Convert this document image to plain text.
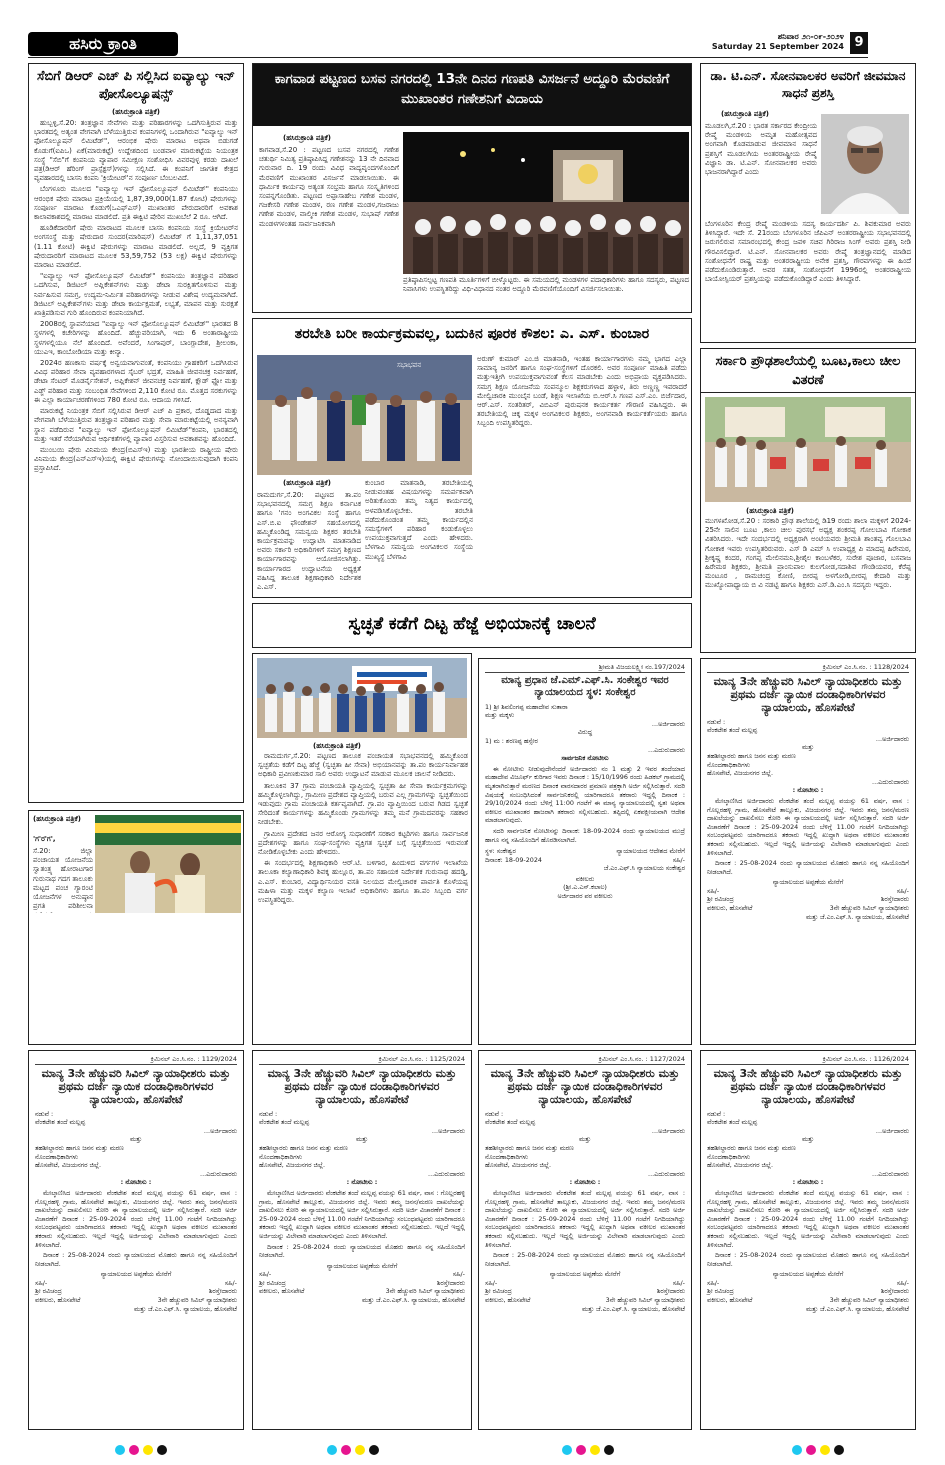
ಹಸಿರು ಕ್ರಾಂತಿ	ಶನಿವಾರ ೨೧-೦೯-೨೦೨೪
Saturday 21 September 2024 9
ಸೆಬಿಗೆ ಡಿಆರ್ ಎಚ್ ಪಿ ಸಲ್ಲಿಸಿದ ಐವ್ಯಾಲ್ಯು ಇನ್ ಪೋಸೊಲ್ಯೂಷನ್ಸ್
(ಹಸಿರುಕ್ರಾಂತಿ ಪತ್ರಿಕೆ)

ಹುಬ್ಬಳ್ಳಿ,ಸೆ.20: ತಂತ್ರಜ್ಞಾನ ಸೇವೆಗಳು ಮತ್ತು ಪರಿಹಾರಗಳನ್ನು ಒದಗಿಸುತ್ತಿರುವ ಮತ್ತು ಭಾರತದಲ್ಲಿ ಅತ್ಯಂತ ವೇಗವಾಗಿ ಬೆಳೆಯುತ್ತಿರುವ ಕಂಪನಿಗಳಲ್ಲಿ ಒಂದಾಗಿರುವ "ಐವ್ಯಾಲ್ಯು ಇನ್ ಫೋಸೊಲ್ಯೂಷನ್ ಲಿಮಿಟೆಡ್", ಆರಂಭಿಕ ಷೇರು ಮಾರಾಟ ಅಥವಾ ಬಿಡುಗಡೆ ಕೊಡುಗೆ(ಐಪಿಒ) ಏಕೆ(ಮಾರುಕಟ್ಟೆ) ಉದ್ದೇಶದಿಂದ ಬಂಡವಾಳ ಮಾರುಕಟ್ಟೆಯ ನಿಯಂತ್ರಕ ಸಂಸ್ಥೆ "ಸೆಬಿ"ಗೆ ಕಂಪನಿಯ ವ್ಯಾಪಾರ ಸಮೀಕ್ಷಣ ಸಂಶೋಧಿಸಿ ವಿವರವುಳ್ಳ ಕರಡು ದಾಖಲೆ ಪತ್ರ(ಡಿಆರ್ ಹೆರಿಂಗ್ ಪ್ರಾಸ್ಪೆಕ್ಟಸ್)ಗಳನ್ನು ಸಲ್ಲಿಸಿದೆ. ಈ ಕಂಪನಿಗೆ ಜಾಗತಿಕ ಕೇತ್ರದ ವ್ಯವಹಾರದಲ್ಲಿ ಬಾಸನಿ ಕಂಪನಿ 'ಕ್ರಿಯೇಟರ್'ನ ಸಂಪೂರ್ಣ ಬೆಂಬಲವಿದೆ.

ಬೆಂಗಳೂರು ಮೂಲದ "ಐವ್ಯಾಲ್ಯು ಇನ್ ಫೋಸೊಲ್ಯೂಷನ್ ಲಿಮಿಟೆಡ್" ಕಂಪನಿಯು ಆರಂಭಿಕ ಷೇರು ಮಾರಾಟ ಪ್ರಕ್ರಿಯೆಯಲ್ಲಿ 1,87,39,000(1.87 ಕೋಟಿ) ಷೇರುಗಳನ್ನು ಸಂಪೂರ್ಣ ಮಾರಾಟ ಕೊಡುಗೆ(ಒಎಫ್ಎಸ್) ಮುಖಾಂತರ ಪೇರುದಾರರಿಗೆ ಅವಕಾಶ ಕಾಲಾವಕಾಶದಲ್ಲಿ ಮಾರಾಟ ಮಾಡಲಿದೆ. ಪ್ರತಿ ಈಕ್ವಿಟಿ ಷೇರಿನ ಮುಖಬೆಲೆ 2 ರೂ. ಆಗಿದೆ.

ಹೂಡಿಕೆದಾರರಿಗೆ ಷೇರು ಮಾರಾಟದ ಮೂಲಕ ಬಾಸನಿ ಕಂಪನಿಯ ಸಂಸ್ಥೆ ಕ್ರಿಯೇಟರ್‌ನ ಅಂಗಸಂಸ್ಥೆ ಮತ್ತು ಷೇರುದಾರ ಸುಂದರ(ಮಾರಿಷಸ್) ಲಿಮಿಟೆಡ್ ಗೆ 1,11,37,051 (1.11 ಕೋಟಿ) ಈಕ್ವಿಟಿ ಷೇರುಗಳನ್ನು ಮಾರಾಟ ಮಾಡಲಿದೆ. ಅಲ್ಲದೆ, 9 ವ್ಯಕ್ತಿಗತ ಷೇರುದಾರರಿಗೆ ಮಾರಾಟದ ಮೂಲಕ 53,59,752 (53 ಲಕ್ಷ) ಈಕ್ವಿಟಿ ಷೇರುಗಳನ್ನು ಮಾರಾಟ ಮಾಡಲಿದೆ.

"ಐವ್ಯಾಲ್ಯು ಇನ್ ಫೋಸೊಲ್ಯೂಷನ್ ಲಿಮಿಟೆಡ್" ಕಂಪನಿಯು ತಂತ್ರಜ್ಞಾನ ಪರಿಹಾರ ಒದಗಿಸುವ, ಡಿಜಿಟಲ್ ಅಪ್ಲಿಕೇಶನ್‌ಗಳು ಮತ್ತು ಡೇಟಾ ಸುರಕ್ಷಿತಗೊಳಿಸುವ ಮತ್ತು ನಿರ್ವಹಿಸುವ ಸಮಗ್ರ, ಉದ್ಯಮ-ನಿರ್ಮಿತ ಪರಿಹಾರಗಳನ್ನು ನೀಡುವ ವಿಶೇಷ ಉದ್ಯಮವಾಗಿದೆ. ಡಿಜಿಟಲ್ ಅಪ್ಲಿಕೇಶನ್‌ಗಳು ಮತ್ತು ಡೇಟಾ ಕಾರ್ಯಕ್ಷಮತೆ, ಲಭ್ಯತೆ, ಮಾಪನ ಮತ್ತು ಸುರಕ್ಷತೆ ಖಾತ್ರಿಪಡಿಸುವ ಗುರಿ ಹೊಂದಿರುವ ಕಂಪನಿಯಾಗಿದೆ.

2008ರಲ್ಲಿ ಸ್ಥಾಪನೆಯಾದ "ಐವ್ಯಾಲ್ಯು ಇನ್ ಫೋಸೊಲ್ಯೂಷನ್ ಲಿಮಿಟೆಡ್" ಭಾರತದ 8 ಸ್ಥಳಗಳಲ್ಲಿ ಕಚೇರಿಗಳನ್ನು ಹೊಂದಿದೆ. ಹೆಚ್ಚುವರಿಯಾಗಿ, ಇದು 6 ಅಂತಾರಾಷ್ಟ್ರೀಯ ಸ್ಥಳಗಳಲ್ಲಿಯೂ ನೆಲೆ ಹೊಂದಿದೆ. ಅವೆಂದರೆ, ಸಿಂಗಾಪುರ್, ಬಾಂಗ್ಲಾದೇಶ, ಶ್ರೀಲಂಕಾ, ಯುಎಇ, ಕಾಂಬೋಡಿಯಾ ಮತ್ತು ಕೀನ್ಯಾ.

2024ರ ಹಣಕಾಸು ವರ್ಷಕ್ಕೆ ಅನ್ವಯವಾಗುವಂತೆ, ಕಂಪನಿಯು ಗ್ರಾಹಕರಿಗೆ ಒದಗಿಸಿರುವ ವಿವಿಧ ಪರಿಹಾರ ಸೇವಾ ವ್ಯವಹಾರಗಳಾದ ಸೈಬರ್ ಭದ್ರತೆ, ಮಾಹಿತಿ ಜೀವನಚಕ್ರ ನಿರ್ವಹಣೆ, ಡೇಟಾ ಸೆಂಟರ್ ಮೊಡರ್ನೈಸೇಶನ್, ಅಪ್ಲಿಕೇಶನ್ ಜೀವನಚಕ್ರ ನಿರ್ವಹಣೆ, ಕ್ಲೌಡ್ ಫ್ಲೋ ಮತ್ತು ಎಡ್ಜ್ ಪರಿಹಾರ ಮತ್ತು ಸಂಬಂಧಿತ ಸೇವೆಗಳಿಂದ 2,110 ಕೋಟಿ ರೂ. ಮೊತ್ತದ ಸರಕುಗಳನ್ನು ಈ ಎಲ್ಲಾ ಕಾರ್ಯಾಚರಣೆಗಳಿಂದ 780 ಕೋಟಿ ರೂ. ಆದಾಯ ಗಳಿಸಿದೆ.

ಮಾರುಕಟ್ಟೆ ನಿಯಂತ್ರಕ ಸೆಬಿಗೆ ಸಲ್ಲಿಸಿರುವ ಡಿಆರ್ ಎಚ್ ಪಿ ಪ್ರಕಾರ, ದೊಡ್ಡದಾದ ಮತ್ತು ವೇಗವಾಗಿ ಬೆಳೆಯುತ್ತಿರುವ ತಂತ್ರಜ್ಞಾನ ಪರಿಹಾರ ಮತ್ತು ಸೇವಾ ಮಾರುಕಟ್ಟೆಯಲ್ಲಿ ಅನನ್ಯವಾಗಿ ಸ್ಥಾನ ಪಡೆದಿರುವ "ಐವ್ಯಾಲ್ಯು ಇನ್ ಫೋಸೊಲ್ಯೂಷನ್ ಲಿಮಿಟೆಡ್"ಕಂಪನಿ, ಭಾರತದಲ್ಲಿ ಮತ್ತು ಇತರೆ ನೆರೆಯಾಗಿರುವ ಆರ್ಥಿಕತೆಗಳಲ್ಲಿ ವ್ಯಾಪಾರ ವಿಸ್ತರಿಸುವ ಅವಕಾಶವನ್ನು ಹೊಂದಿದೆ.

ಮುಂಬಯಿ ಷೇರು ವಿನಿಮಯ ಕೇಂದ್ರ(ಬಿಎಸ್ಇ) ಮತ್ತು ಭಾರತೀಯ ರಾಷ್ಟ್ರೀಯ ಷೇರು ವಿನಿಮಯ ಕೇಂದ್ರ(ಎನ್ಎಸ್ಇ)ಯಲ್ಲಿ ಈಕ್ವಿಟಿ ಷೇರುಗಳನ್ನು ನೋಂದಾಯಿಸುವುದಾಗಿ ಕಂಪನಿ ಪ್ರಸ್ತಾಪಿಸಿದೆ.

ಕಾಗವಾಡ ಪಟ್ಟಣದ ಬಸವ ನಗರದಲ್ಲಿ 13ನೇ ದಿನದ ಗಣಪತಿ ವಿಸರ್ಜನೆ ಅದ್ದೂರಿ ಮೆರವಣಿಗೆ ಮುಖಾಂತರ ಗಣೇಶನಿಗೆ ವಿದಾಯ
(ಹಸಿರುಕ್ರಾಂತಿ ಪತ್ರಿಕೆ)
ಕಾಗವಾಡ,ಸೆ.20 : ಪಟ್ಟಣದ ಬಸವ ನಗರದಲ್ಲಿ ಗಣೇಶ ಚತುರ್ಥಿ ನಿಮಿತ್ಯ ಪ್ರತಿಷ್ಠಾಪಿಸಿದ್ದ ಗಣೇಶನನ್ನು 13 ನೇ ದಿನವಾದ ಗುರುವಾರ ದಿ. 19 ರಂದು ವಿವಿಧ ವಾದ್ಯವೃಂದಗಳೊಂದಿಗೆ ಮೆರವಣಿಗೆ ಮುಖಾಂತರ ವಿಸರ್ಜನೆ ಮಾಡಲಾಯಿತು. ಈ ಧಾರ್ಮಿಕ ಕಾರ್ಯವು ಅತ್ಯಂತ ಸಂಭ್ರಮ ಹಾಗೂ ಸಂಸ್ಕೃತಿಗಳಿಂದ ಸಂಪನ್ನಗೊಂಡಿತು. ಪಟ್ಟಣದ ಅಪ್ಪಾಸಾಹೇಬ ಗಣೇಶ ಮಂಡಳ, ಗಜಕೇಸರಿ ಗಣೇಶ ಮಂಡಳ, ರಣ ಗಣೇಶ ಮಂಡಳ,ಗಜರಾಜು ಗಣೇಶ ಮಂಡಳ, ವಾಲ್ಮೀಕಿ ಗಣೇಶ ಮಂಡಳ, ಸುಭಾಷ್ ಗಣೇಶ ಮಂಡಳಗಳಂತಹ ಸಾರ್ವಜನಿಕವಾಗಿ
ಪ್ರತಿಷ್ಠಾಪಿಸಲ್ಪಟ್ಟ ಗಣಪತಿ ಮೂರ್ತಿಗಳಿಗೆ ಬೀಳ್ಕೊಟ್ಟರು. ಈ ಸಮಯದಲ್ಲಿ ಮಂಡಳಗಳ ಪದಾಧಿಕಾರಿಗಳು ಹಾಗೂ ಸದಸ್ಯರು, ಪಟ್ಟಣದ ನಿವಾಸಿಗಳು ಉಪಸ್ಥಿತರಿದ್ದು ವಿಧಿ-ವಿಧಾನದ ನಂತರ ಅದ್ದೂರಿ ಮೆರವಣಿಗೆಯೊಂದಿಗೆ ವಿಸರ್ಜಿಸಲಾಯಿತು.
ಡಾ. ಟಿ.ಎನ್. ಸೋನವಾಲಕರ ಅವರಿಗೆ ಜೀವಮಾನ ಸಾಧನೆ ಪ್ರಶಸ್ತಿ
(ಹಸಿರುಕ್ರಾಂತಿ ಪತ್ರಿಕೆ)
ಮೂಡಲಗಿ,ಸೆ.20 : ಭಾರತ ಸರ್ಕಾರದ ಕೇಂದ್ರೀಯ ರೇಷ್ಮೆ ಮಂಡಳಿಯ ಅಮೃತ ಮಹೋತ್ಸವದ ಅಂಗವಾಗಿ ಕೊಡಮಾಡುವ ಜೀವಮಾನ ಸಾಧನೆ ಪ್ರಶಸ್ತಿಗೆ ಮೂಡಲಗಿಯ ಅಂತರರಾಷ್ಟ್ರೀಯ ರೇಷ್ಮೆ ವಿಜ್ಞಾನಿ ಡಾ. ಟಿ.ಎನ್. ಸೋನವಾಲಕರ ಅವರು ಭಾಜನರಾಗಿದ್ದಾರೆ ಎಂದು
ಬೆಂಗಳೂರಿನ ಕೇಂದ್ರ ರೇಷ್ಮೆ ಮಂಡಳಿಯ ಸದಸ್ಯ ಕಾರ್ಯದರ್ಶಿ ಪಿ. ಶಿವಕುಮಾರ ಅವರು ತಿಳಿಸಿದ್ದಾರೆ. ಇದೇ ಸೆ. 21ರಂದು ಬೆಂಗಳೂರಿನ ಜೆಪಿಎನ್ ಅಂತರರಾಷ್ಟ್ರೀಯ ಸಭಾಭವನದಲ್ಲಿ ಜರುಗಲಿರುವ ಸಮಾರಂಭದಲ್ಲಿ ಕೇಂದ್ರ ಜವಳಿ ಸಚಿವ ಗಿರಿರಾಜ ಸಿಂಗ್ ಅವರು ಪ್ರಶಸ್ತಿ ನೀಡಿ ಗೌರವಿಸಲಿದ್ದಾರೆ. ಟಿ.ಎನ್. ಸೋನವಾಲಕರ ಅವರು ರೇಷ್ಮೆ ತಂತ್ರಜ್ಞಾನದಲ್ಲಿ ಮಾಡಿದ ಸಂಶೋಧನೆಗೆ ರಾಷ್ಟ್ರ ಮತ್ತು ಅಂತರರಾಷ್ಟ್ರೀಯ ಅನೇಕ ಪ್ರಶಸ್ತಿ, ಗೌರವಗಳನ್ನು ಈ ಹಿಂದೆ ಪಡೆದುಕೊಂಡಿರುತ್ತಾರೆ. ಅವರ ಸತತ, ಸಂಶೋಧನೆಗೆ 1996ರಲ್ಲಿ ಅಂತರರಾಷ್ಟ್ರೀಯ ಬಾಯೋಸ್ಪಿಯರ್ ಪ್ರಶಸ್ತಿಯನ್ನು ಪಡೆದುಕೊಂಡಿದ್ದಾರೆ ಎಂದು ತಿಳಿಸಿದ್ದಾರೆ.
ತರಬೇತಿ ಬರೀ ಕಾರ್ಯಕ್ರಮವಲ್ಲ, ಬದುಕಿನ ಪೂರಕ ಕೌಶಲ: ಎ. ಎಸ್. ಕುಂಬಾರ
ಸಭಾಭವನ
ಅರುಣ್ ಕುಮಾರ್ ಎಂ.ಜಿ ಮಾತನಾಡಿ, ಇಂತಹ ಕಾರ್ಯಾಗಾರಗಳು ನಮ್ಮ ಭಾಗದ ಎಲ್ಲಾ ಸಾಮಾನ್ಯ ಜನರಿಗೆ ಹಾಗೂ ಸಂಘ-ಸಂಸ್ಥೆಗಳಿಗೆ ದೊರಕಲಿ. ಅವರ ಸಂಪೂರ್ಣ ಮಾಹಿತಿ ಪಡೆದು ಮತ್ತುಇತ್ತೀಗಿ ಉಪಯುಕ್ತವಾಗುವಂತೆ ಕೆಲಸ ಮಾಡಬೇಕು ಎಂದು ಅಭಿಪ್ರಾಯ ವ್ಯಕ್ತಪಡಿಸಿದರು. ಸಮಗ್ರ ಶಿಕ್ಷಣ ಯೋಜನೆಯ ಸಂಪನ್ಮೂಲ ಶಿಕ್ಷಕರುಗಳಾದ ಹಳ್ಳಾಳ, ತಿರು ಅಣ್ಣಣ್ಣ ಇವರಾದರೆ ಮೇಲ್ವಿಚಾರಕಿ ಮುಂಬೈನ ಬಂಡೆ, ಶಿಕ್ಷಣ ಇಲಾಖೆಯ ಬಿ.ಆರ್.ಸಿ ಗಣಪ ಎಸ್.ಎಂ. ಬಿರ್ಜೆದಾರ, ಆರ್.ಎಸ್. ಸಂತರಿತರ್, ವಿಬಿಎನ್ ಪುರುಷನಕ ಕಾರ್ಯಕರ್ತ ಗೌರಾಣಿ ವಹಿಸಿದ್ದರು. ಈ ತರಬೇತಿಯಲ್ಲಿ ಚಿಕ್ಕ ಮಕ್ಕಳ ಅಂಗವಿಕಲರ ಶಿಕ್ಷಕರು, ಅಂಗನವಾಡಿ ಕಾರ್ಯಕರ್ತೆಯರು ಹಾಗೂ ಸಿಬ್ಬಂದಿ ಉಪಸ್ಥಿತರಿದ್ದರು.
(ಹಸಿರುಕ್ರಾಂತಿ ಪತ್ರಿಕೆ)
ರಾಮದುರ್ಗ,ಸೆ.20: ಪಟ್ಟಣದ ತಾ.ಪಂ ಸಭಾಭವನದಲ್ಲಿ ಸಮಗ್ರ ಶಿಕ್ಷಣ ಕರ್ನಾಟಕ ಹಾಗೂ 'ಗನಂ ಅಂಗವಿಕಲ ಸಂಸ್ಥೆ ಹಾಗೂ ಎಸ್.ಬಿ.ಐ ಫೌಂಡೇಶನ್ ಸಹಯೋಗದಲ್ಲಿ ಹಮ್ಮಿಕೊಂಡಿದ್ದ ಸಮನ್ವಯ ಶಿಕ್ಷಕರ ತರಬೇತಿ ಕಾರ್ಯಕ್ರಮವನ್ನು ಉದ್ಘಾಟಿಸಿ ಮಾತನಾಡಿದ ಅವರು ಸರ್ಕಾರಿ ಅಧಿಕಾರಿಗಳಿಗೆ ಸಮಗ್ರ ಶಿಕ್ಷಣದ ಕಾರ್ಯಾಗಾರವನ್ನು ಆಯೋಜಿಸಲಾಗಿತ್ತು. ಕಾರ್ಯಾಗಾರದ ಉದ್ಘಾಟನೆಯ ಅಧ್ಯಕ್ಷತೆ ವಹಿಸಿದ್ದ ತಾಲೂಕ ಶಿಕ್ಷಣಾಧಿಕಾರಿ ನಿರ್ದೇಶಕ ಎ.ಎಸ್.
ಕುಂಬಾರ ಮಾತನಾಡಿ, ತರಬೇತಿಯಲ್ಲಿ ನೀಡುವಂತಹ ವಿಷಯಗಳನ್ನು ಸಮರ್ಪಕವಾಗಿ ಅರಿತುಕೊಂಡು ತಮ್ಮ ನಿತ್ಯದ ಕಾರ್ಯದಲ್ಲಿ ಅಳವಡಿಸಿಕೊಳ್ಳಬೇಕು. ತರಬೇತಿ ಪಡೆದುಕೊಂಡಂತ ತಮ್ಮ ಕಾರ್ಯದಲ್ಲಿನ ಸಮಸ್ಯೆಗಳಿಗೆ ಪರಿಹಾರ ಕಂಡುಕೊಳ್ಳಲು ಉಪಯುಕ್ತವಾಗುತ್ತದೆ ಎಂದು ಹೇಳಿದರು. ಬೆಳಗಾವಿ ಸಮನ್ವಯ ಅಂಗವಿಕಲರ ಸಂಸ್ಥೆಯ ಮುಖ್ಯಸ್ಥೆ ಬೆಳಗಾವಿ
ಸರ್ಕಾರಿ ಪ್ರೌಢಶಾಲೆಯಲ್ಲಿ ಬೂಟ,ಕಾಲು ಚೀಲ ವಿತರಣೆ
(ಹಸಿರುಕ್ರಾಂತಿ ಪತ್ರಿಕೆ)
ಮುಗಳಖೋಡ,ಸೆ.20 : ಸರಕಾರಿ ಪ್ರೌಢ ಶಾಲೆಯಲ್ಲಿ ಡಿ19 ರಂದು ಶಾಲಾ ಮಕ್ಕಳಿಗೆ 2024-25ನೇ ಸಾಲಿನ ಬೂಟ ,ಕಾಲು ಚೀಲ ಪುರಸಭೆ ಅಧ್ಯಕ್ಷ ಶಂಕರಪ್ಪ ಗೋಲಬಾವಿ ಗೋಕಾಕ ವಿತರಿಸಿದರು. ಇದೇ ಸಂದರ್ಭದಲ್ಲಿ ಅಧ್ಯಕ್ಷರಾಗಿ ಅಂಟಿಯವರು ಶ್ರೀಮತಿ ಶಾಂತವ್ವ ಗೊಲಬಾವಿ ಗೋಕಾಕ ಇವರು ಉಪಸ್ಥಿತರಿರುವರು. ಎಸ್ ಡಿ ಎಮ್ ಸಿ ಉಪಾಧ್ಯಕ್ಷ ಪಿ ಮಾದಪ್ಪ ಹಿರೇಮಠ, ಶ್ರೀಕೃಷ್ಣ ಕಂದರ, ಗಂಗಪ್ಪ ಮೇಲಿನಮನಿ,ಶ್ರೀಶೈಲ ಕಾಂಬಳೆಕರ, ಸುರೇಶ ಪೂಜಾರ, ಬಸವಾಜ ಹಿರೇಮಠ ಶಿಕ್ಷಕರು, ಶ್ರೀಮತಿ ಪ್ರಾಂಸುಪಾಲ ಕುಲಗೋಡ,ಸದಾಶಿವ ಗೌಂಡಿಯವರ, ಕೆರೆಪ್ಪ ಮಂಟೂರ , ರಾಮಚಂದ್ರ ಕೋಣಿ, ಬೀರಪ್ಪ ಅಳಗೋಡಿ,ಬೀರಪ್ಪ ಕೇದಾರಿ ಮತ್ತು ಮುಖ್ಯೋಪಾಧ್ಯಾಯ ಬಿ ವಿ ನಡಟ್ಟಿ ಹಾಗೂ ಶಿಕ್ಷಕರು ಎಸ್.ಡಿ.ಎಂ.ಸಿ ಸದಸ್ಯರು ಇದ್ದರು.
ಸ್ವಚ್ಛತೆ ಕಡೆಗೆ ದಿಟ್ಟ ಹೆಜ್ಜೆ ಅಭಿಯಾನಕ್ಕೆ ಚಾಲನೆ
(ಹಸಿರುಕ್ರಾಂತಿ ಪತ್ರಿಕೆ)

ರಾಮದುರ್ಗ,ಸೆ.20: ಪಟ್ಟಣದ ತಾಲೂಕ ಪಂಚಾಯತ ಸಭಾಭವನದಲ್ಲಿ ಹಮ್ಮಿಕೊಂಡ ಸ್ವಚ್ಛತೆಯ ಕಡೆಗೆ ದಿಟ್ಟ ಹೆಜ್ಜೆ (ಸ್ವಚ್ಛತಾ ಹೀ ಸೇವಾ) ಅಭಿಯಾನವನ್ನು ತಾ.ಪಂ ಕಾರ್ಯನಿರ್ವಾಹಕ ಅಧಿಕಾರಿ ಪ್ರವೀಣಕುಮಾರ ಸಾಲಿ ಅವರು ಉದ್ಘಾಟನೆ ಮಾಡುವ ಮೂಲಕ ಚಾಲನೆ ನೀಡಿದರು.

ತಾಲೂಕಿನ 37 ಗ್ರಾಮ ಪಂಚಾಯತಿ ವ್ಯಾಪ್ತಿಯಲ್ಲಿ ಸ್ವಚ್ಛತಾ ಹೀ ಸೇವಾ ಕಾರ್ಯಕ್ರಮಗಳನ್ನು ಹಮ್ಮಿಕೊಳ್ಳಲಾಗಿದ್ದು, ಗ್ರಾಮೀಣ ಪ್ರದೇಶದ ವ್ಯಾಪ್ತಿಯಲ್ಲಿ ಬರುವ ಎಲ್ಲ ಗ್ರಾಮಗಳನ್ನು ಸ್ವಚ್ಛತೆಯಿಂದ ಇಡುವುದು ಗ್ರಾಮ ಪಂಚಾಯತಿ ಕರ್ತವ್ಯವಾಗಿದೆ. ಗ್ರಾ.ಪಂ ವ್ಯಾಪ್ತಿಯಿಂದ ಬರುವ ಗಿಡದ ಸ್ವಚ್ಛತೆ ಸೇರಿದಂತೆ ಕಾರ್ಯಗಳನ್ನು ಹಮ್ಮಿಕೊಂಡು ಗ್ರಾಮಗಳನ್ನು ತಮ್ಮ ಮನೆ ಗ್ರಾಮದವರನ್ನು ಸಹಕಾರ ನೀಡಬೇಕು.

ಗ್ರಾಮೀಣ ಪ್ರದೇಶದ ಜನರ ಆರೋಗ್ಯ ಸುಧಾರಣೆಗೆ ಸರಕಾರ ಕಟ್ಟರಿಗಳು ಹಾಗೂ ಸಾರ್ವಜನಿಕ ಪ್ರದೇಶಗಳನ್ನು ಹಾಗೂ ಸಂಘ-ಸಂಸ್ಥೆಗಳು ವ್ಯಕ್ತಿಗತ ಸ್ವಚ್ಛತೆ ಬಗ್ಗೆ ಸ್ವಚ್ಛತೆಯಿಂದ ಇರುವಂತೆ ನೋಡಿಕೊಳ್ಳಬೇಕು ಎಂದು ಹೇಳಿದರು.

ಈ ಸಂದರ್ಭದಲ್ಲಿ ಶಿಕ್ಷಣಾಧಿಕಾರಿ ಆರ್.ಟಿ. ಬಳಿಗಾರ, ಹಿಂದುಳಿದ ವರ್ಗಗಳ ಇಲಾಖೆಯ ತಾಲೂಕಾ ಕಲ್ಯಾಣಾಧಿಕಾರಿ ಶಿವಕ್ಕ ಹುಲ್ಲೂರ, ತಾ.ಪಂ ಸಹಾಯಕ ನಿರ್ದೇಶಕ ಗುರುನಾಥ ಹದಡ್ಡಿ, ಎ.ಎಸ್. ಕುಂಬಾರ, ವಿದ್ಯಾರ್ಥಿನಿಯರ ವಸತಿ ನಿಲಯದ ಮೇಲ್ವಿಚಾರಕ ಪಾರ್ವತಿ ಕೊಳೆಯಪ್ಪ ಮಹಿಳಾ ಮತ್ತು ಮಕ್ಕಳ ಕಲ್ಯಾಣ ಇಲಾಖೆ ಅಧಿಕಾರಿಗಳು ಹಾಗೂ ತಾ.ಪಂ ಸಿಬ್ಬಂದಿ ವರ್ಗ ಉಪಸ್ಥಿತರಿದ್ದರು.

(ಹಸಿರುಕ್ರಾಂತಿ ಪತ್ರಿಕೆ)
'ಗ'ರ'ಗ',
ಸೆ.20: ಜಿಲ್ಲಾ ಪಂಚಾಯತ ಯೋಜನೆಯ ಸ್ವಾತಂತ್ರ್ಯ ಹೋರಾಟಗಾರ ಗುರುನಾಥ ಗದಗ ತಾಲೂಕು ಮಟ್ಟದ ಪಂಚ ಗ್ಯಾರಂಟಿ ಯೋಜನೆಗಳ ಅನುಷ್ಠಾನ ಪ್ರಗತಿ ಪರಿಶೀಲನಾ
ಶ್ರೀಮತಿ ವಿಜಯಲಕ್ಷ್ಮೀ ನಂ.197/2024
ಮಾನ್ಯ ಪ್ರಧಾನ ಜೆ.ಎಮ್.ಎಫ್.ಸಿ. ಸಂಕೇಶ್ವರ ಇವರ ನ್ಯಾಯಾಲಯದ ಸ್ಥಳ: ಸಂಕೇಶ್ವರ
1) ಶ್ರೀ ಶಿವಲಿಂಗಪ್ಪ ಮಹಾದೇವ ಸುತಾರಾ
ಮತ್ತು ಮಕ್ಕಳು
...ಅರ್ಜಿದಾರರು
ವಿರುದ್ಧ
1) ಮ : ಶರಣಪ್ಪ ಹಸ್ಸೇರ
...ಎದುರುದಾರರು
ಸಾರ್ವಜನಿಕ ನೋಟೀಸು
ಈ ನೋಟೀಸು ನೀಡುವುದೇನೆಂದರೆ ಅರ್ಜಿದಾರರು ನಂ 1 ಮತ್ತು 2 ಇವರ ತಂದೆಯಾದ ಮಹಾದೇವ ವಿಜೂರ್ಫ್ ಕುರಿಗಾರ ಇವರು ದಿನಾಂಕ : 15/10/1996 ರಂದು ಹಿಡಕಲ್ ಗ್ರಾಮದಲ್ಲಿ ಮೃತರಾಗಿರುತ್ತಾರೆ ಮರಣದ ದಿನಾಂಕ ವಾರಸದಾರರ ಪ್ರಮಾಣ ಪತ್ರಕ್ಕಾಗಿ ಅರ್ಜಿ ಸಲ್ಲಿಸಿರುತ್ತಾರೆ. ಸದರಿ ವಿಷಯಕ್ಕೆ ಸಂಬಂಧಿಸಿದಂತೆ ಸಾರ್ವಜನಿಕರಲ್ಲಿ ಯಾರಿಗಾದರೂ ತಕರಾರು ಇದ್ದಲ್ಲಿ ದಿನಾಂಕ : 29/10/2024 ರಂದು ಬೆಳಿಗ್ಗೆ 11:00 ಗಂಟೆಗೆ ಈ ಮಾನ್ಯ ನ್ಯಾಯಾಲಯದಲ್ಲಿ ಸ್ವತಃ ಅಥವಾ ವಕೀಲರ ಮುಖಾಂತರ ಹಾಜರಾಗಿ ತಕರಾರು ಸಲ್ಲಿಸಬಹುದು. ತಪ್ಪಿದಲ್ಲಿ ಏಕಪಕ್ಷೀಯವಾಗಿ ಆದೇಶ ಮಾಡಲಾಗುವುದು.
ಸದರಿ ಸಾರ್ವಜನಿಕ ನೋಟೀಸನ್ನು ದಿನಾಂಕ: 18-09-2024 ರಂದು ನ್ಯಾಯಾಲಯದ ಮುದ್ರೆ ಹಾಗೂ ನನ್ನ ಸಹಿಯೊಂದಿಗೆ ಹೊರಡಿಸಲಾಗಿದೆ.
ಸ್ಥಳ: ಸಂಕೇಶ್ವರ	ನ್ಯಾಯಾಲಯದ ಆದೇಶದ ಮೇರೆಗೆ
ದಿನಾಂಕ: 18-09-2024	ಸಹಿ/-
ಜೆ.ಎಂ.ಎಫ್.ಸಿ ನ್ಯಾಯಾಲಯ ಸಂಕೇಶ್ವರ
ವಕೀಲರು
(ಶ್ರೀ.ಎ.ಎಸ್.ಕಲಾಲ)
ಅರ್ಜಿದಾರರ ಪರ ವಕೀಲರು
ಕ್ರಿಮಿನಲ್ ಎಂ.ಸಿ.ನಂ. : 1128/2024
ಮಾನ್ಯ 3ನೇ ಹೆಚ್ಚುವರಿ ಸಿವಿಲ್ ನ್ಯಾಯಾಧೀಶರು ಮತ್ತು ಪ್ರಥಮ ದರ್ಜೆ ನ್ಯಾಯಿಕ ದಂಡಾಧಿಕಾರಿಗಳವರ ನ್ಯಾಯಾಲಯ, ಹೊಸಪೇಟೆ
ನಡುವೆ :
ವೆಂಕಟೇಶ ತಂದೆ ಮಲ್ಲಪ್ಪ
...ಅರ್ಜಿದಾರರು
ಮತ್ತು
ತಹಶೀಲ್ದಾರರು ಹಾಗೂ ಜನನ ಮತ್ತು ಮರಣ
ನೊಂದಣಾಧಿಕಾರಿಗಳು
ಹೊಸಪೇಟೆ, ವಿಜಯನಗರ ಜಿಲ್ಲೆ.
...ಎದುರುದಾರರು
: ನೋಟೀಸು :
ಮೇಲ್ಕಾಣಿಸಿದ ಅರ್ಜಿದಾರರು ವೆಂಕಟೇಶ ತಂದೆ ಮಲ್ಲಪ್ಪ ವಯಸ್ಸು 61 ವರ್ಷ, ವಾಸ : ಗೊಲ್ಲರಹಳ್ಳಿ ಗ್ರಾಮ, ಹೊಸಪೇಟೆ ತಾಲ್ಲೂಕು, ವಿಜಯನಗರ ಜಿಲ್ಲೆ. ಇವರು ತಮ್ಮ ಜನನ/ಮರಣ ದಾಖಲೆಯನ್ನು ದಾಖಲಿಸಲು ಕೋರಿ ಈ ನ್ಯಾಯಾಲಯದಲ್ಲಿ ಅರ್ಜಿ ಸಲ್ಲಿಸಿರುತ್ತಾರೆ. ಸದರಿ ಅರ್ಜಿ ವಿಚಾರಣೆಗೆ ದಿನಾಂಕ : 25-09-2024 ರಂದು ಬೆಳಿಗ್ಗೆ 11.00 ಗಂಟೆಗೆ ನಿಗದಿಯಾಗಿದ್ದು ಸಂಬಂಧಪಟ್ಟವರು ಯಾರಿಗಾದರೂ ತಕರಾರು ಇದ್ದಲ್ಲಿ ಖುದ್ದಾಗಿ ಅಥವಾ ವಕೀಲರ ಮುಖಾಂತರ ತಕರಾರು ಸಲ್ಲಿಸಬಹುದು. ಇಲ್ಲದೆ ಇದ್ದಲ್ಲಿ ಅರ್ಜಿಯನ್ನು ವಿಲೇವಾರಿ ಮಾಡಲಾಗುವುದು ಎಂದು ತಿಳಿಸಲಾಗಿದೆ.
ದಿನಾಂಕ : 25-08-2024 ರಂದು ನ್ಯಾಯಾಲಯದ ಮೊಹರು ಹಾಗೂ ನನ್ನ ಸಹಿಯೊಂದಿಗೆ ನೀಡಲಾಗಿದೆ.
ನ್ಯಾಯಾಲಯದ ಅಪ್ಪಣೆಯ ಮೇರೆಗೆ
ಸಹಿ/-	ಸಹಿ/-
ಶ್ರೀ ರವಿಚಂದ್ರ	ಶಿರಸ್ತೇದಾರರು
ವಕೀಲರು, ಹೊಸಪೇಟೆ	3ನೇ ಹೆಚ್ಚುವರಿ ಸಿವಿಲ್ ನ್ಯಾಯಾಧೀಶರು
ಮತ್ತು ಜೆ.ಎಂ.ಎಫ್.ಸಿ. ನ್ಯಾಯಾಲಯ, ಹೊಸಪೇಟೆ
ಕ್ರಿಮಿನಲ್ ಎಂ.ಸಿ.ನಂ. : 1129/2024
ಮಾನ್ಯ 3ನೇ ಹೆಚ್ಚುವರಿ ಸಿವಿಲ್ ನ್ಯಾಯಾಧೀಶರು ಮತ್ತು ಪ್ರಥಮ ದರ್ಜೆ ನ್ಯಾಯಿಕ ದಂಡಾಧಿಕಾರಿಗಳವರ ನ್ಯಾಯಾಲಯ, ಹೊಸಪೇಟೆ
ನಡುವೆ :
ವೆಂಕಟೇಶ ತಂದೆ ಮಲ್ಲಪ್ಪ
...ಅರ್ಜಿದಾರರು
ಮತ್ತು
ತಹಶೀಲ್ದಾರರು ಹಾಗೂ ಜನನ ಮತ್ತು ಮರಣ
ನೊಂದಣಾಧಿಕಾರಿಗಳು
ಹೊಸಪೇಟೆ, ವಿಜಯನಗರ ಜಿಲ್ಲೆ.
...ಎದುರುದಾರರು
: ನೋಟೀಸು :
ಮೇಲ್ಕಾಣಿಸಿದ ಅರ್ಜಿದಾರರು ವೆಂಕಟೇಶ ತಂದೆ ಮಲ್ಲಪ್ಪ ವಯಸ್ಸು 61 ವರ್ಷ, ವಾಸ : ಗೊಲ್ಲರಹಳ್ಳಿ ಗ್ರಾಮ, ಹೊಸಪೇಟೆ ತಾಲ್ಲೂಕು, ವಿಜಯನಗರ ಜಿಲ್ಲೆ. ಇವರು ತಮ್ಮ ಜನನ/ಮರಣ ದಾಖಲೆಯನ್ನು ದಾಖಲಿಸಲು ಕೋರಿ ಈ ನ್ಯಾಯಾಲಯದಲ್ಲಿ ಅರ್ಜಿ ಸಲ್ಲಿಸಿರುತ್ತಾರೆ. ಸದರಿ ಅರ್ಜಿ ವಿಚಾರಣೆಗೆ ದಿನಾಂಕ : 25-09-2024 ರಂದು ಬೆಳಿಗ್ಗೆ 11.00 ಗಂಟೆಗೆ ನಿಗದಿಯಾಗಿದ್ದು ಸಂಬಂಧಪಟ್ಟವರು ಯಾರಿಗಾದರೂ ತಕರಾರು ಇದ್ದಲ್ಲಿ ಖುದ್ದಾಗಿ ಅಥವಾ ವಕೀಲರ ಮುಖಾಂತರ ತಕರಾರು ಸಲ್ಲಿಸಬಹುದು. ಇಲ್ಲದೆ ಇದ್ದಲ್ಲಿ ಅರ್ಜಿಯನ್ನು ವಿಲೇವಾರಿ ಮಾಡಲಾಗುವುದು ಎಂದು ತಿಳಿಸಲಾಗಿದೆ.
ದಿನಾಂಕ : 25-08-2024 ರಂದು ನ್ಯಾಯಾಲಯದ ಮೊಹರು ಹಾಗೂ ನನ್ನ ಸಹಿಯೊಂದಿಗೆ ನೀಡಲಾಗಿದೆ.
ನ್ಯಾಯಾಲಯದ ಅಪ್ಪಣೆಯ ಮೇರೆಗೆ
ಸಹಿ/-	ಸಹಿ/-
ಶ್ರೀ ರವಿಚಂದ್ರ	ಶಿರಸ್ತೇದಾರರು
ವಕೀಲರು, ಹೊಸಪೇಟೆ	3ನೇ ಹೆಚ್ಚುವರಿ ಸಿವಿಲ್ ನ್ಯಾಯಾಧೀಶರು
ಮತ್ತು ಜೆ.ಎಂ.ಎಫ್.ಸಿ. ನ್ಯಾಯಾಲಯ, ಹೊಸಪೇಟೆ
ಕ್ರಿಮಿನಲ್ ಎಂ.ಸಿ.ನಂ. : 1125/2024
ಮಾನ್ಯ 3ನೇ ಹೆಚ್ಚುವರಿ ಸಿವಿಲ್ ನ್ಯಾಯಾಧೀಶರು ಮತ್ತು ಪ್ರಥಮ ದರ್ಜೆ ನ್ಯಾಯಿಕ ದಂಡಾಧಿಕಾರಿಗಳವರ ನ್ಯಾಯಾಲಯ, ಹೊಸಪೇಟೆ
ನಡುವೆ :
ವೆಂಕಟೇಶ ತಂದೆ ಮಲ್ಲಪ್ಪ
...ಅರ್ಜಿದಾರರು
ಮತ್ತು
ತಹಶೀಲ್ದಾರರು ಹಾಗೂ ಜನನ ಮತ್ತು ಮರಣ
ನೊಂದಣಾಧಿಕಾರಿಗಳು
ಹೊಸಪೇಟೆ, ವಿಜಯನಗರ ಜಿಲ್ಲೆ.
...ಎದುರುದಾರರು
: ನೋಟೀಸು :
ಮೇಲ್ಕಾಣಿಸಿದ ಅರ್ಜಿದಾರರು ವೆಂಕಟೇಶ ತಂದೆ ಮಲ್ಲಪ್ಪ ವಯಸ್ಸು 61 ವರ್ಷ, ವಾಸ : ಗೊಲ್ಲರಹಳ್ಳಿ ಗ್ರಾಮ, ಹೊಸಪೇಟೆ ತಾಲ್ಲೂಕು, ವಿಜಯನಗರ ಜಿಲ್ಲೆ. ಇವರು ತಮ್ಮ ಜನನ/ಮರಣ ದಾಖಲೆಯನ್ನು ದಾಖಲಿಸಲು ಕೋರಿ ಈ ನ್ಯಾಯಾಲಯದಲ್ಲಿ ಅರ್ಜಿ ಸಲ್ಲಿಸಿರುತ್ತಾರೆ. ಸದರಿ ಅರ್ಜಿ ವಿಚಾರಣೆಗೆ ದಿನಾಂಕ : 25-09-2024 ರಂದು ಬೆಳಿಗ್ಗೆ 11.00 ಗಂಟೆಗೆ ನಿಗದಿಯಾಗಿದ್ದು ಸಂಬಂಧಪಟ್ಟವರು ಯಾರಿಗಾದರೂ ತಕರಾರು ಇದ್ದಲ್ಲಿ ಖುದ್ದಾಗಿ ಅಥವಾ ವಕೀಲರ ಮುಖಾಂತರ ತಕರಾರು ಸಲ್ಲಿಸಬಹುದು. ಇಲ್ಲದೆ ಇದ್ದಲ್ಲಿ ಅರ್ಜಿಯನ್ನು ವಿಲೇವಾರಿ ಮಾಡಲಾಗುವುದು ಎಂದು ತಿಳಿಸಲಾಗಿದೆ.
ದಿನಾಂಕ : 25-08-2024 ರಂದು ನ್ಯಾಯಾಲಯದ ಮೊಹರು ಹಾಗೂ ನನ್ನ ಸಹಿಯೊಂದಿಗೆ ನೀಡಲಾಗಿದೆ.
ನ್ಯಾಯಾಲಯದ ಅಪ್ಪಣೆಯ ಮೇರೆಗೆ
ಸಹಿ/-	ಸಹಿ/-
ಶ್ರೀ ರವಿಚಂದ್ರ	ಶಿರಸ್ತೇದಾರರು
ವಕೀಲರು, ಹೊಸಪೇಟೆ	3ನೇ ಹೆಚ್ಚುವರಿ ಸಿವಿಲ್ ನ್ಯಾಯಾಧೀಶರು
ಮತ್ತು ಜೆ.ಎಂ.ಎಫ್.ಸಿ. ನ್ಯಾಯಾಲಯ, ಹೊಸಪೇಟೆ
ಕ್ರಿಮಿನಲ್ ಎಂ.ಸಿ.ನಂ. : 1127/2024
ಮಾನ್ಯ 3ನೇ ಹೆಚ್ಚುವರಿ ಸಿವಿಲ್ ನ್ಯಾಯಾಧೀಶರು ಮತ್ತು ಪ್ರಥಮ ದರ್ಜೆ ನ್ಯಾಯಿಕ ದಂಡಾಧಿಕಾರಿಗಳವರ ನ್ಯಾಯಾಲಯ, ಹೊಸಪೇಟೆ
ನಡುವೆ :
ವೆಂಕಟೇಶ ತಂದೆ ಮಲ್ಲಪ್ಪ
...ಅರ್ಜಿದಾರರು
ಮತ್ತು
ತಹಶೀಲ್ದಾರರು ಹಾಗೂ ಜನನ ಮತ್ತು ಮರಣ
ನೊಂದಣಾಧಿಕಾರಿಗಳು
ಹೊಸಪೇಟೆ, ವಿಜಯನಗರ ಜಿಲ್ಲೆ.
...ಎದುರುದಾರರು
: ನೋಟೀಸು :
ಮೇಲ್ಕಾಣಿಸಿದ ಅರ್ಜಿದಾರರು ವೆಂಕಟೇಶ ತಂದೆ ಮಲ್ಲಪ್ಪ ವಯಸ್ಸು 61 ವರ್ಷ, ವಾಸ : ಗೊಲ್ಲರಹಳ್ಳಿ ಗ್ರಾಮ, ಹೊಸಪೇಟೆ ತಾಲ್ಲೂಕು, ವಿಜಯನಗರ ಜಿಲ್ಲೆ. ಇವರು ತಮ್ಮ ಜನನ/ಮರಣ ದಾಖಲೆಯನ್ನು ದಾಖಲಿಸಲು ಕೋರಿ ಈ ನ್ಯಾಯಾಲಯದಲ್ಲಿ ಅರ್ಜಿ ಸಲ್ಲಿಸಿರುತ್ತಾರೆ. ಸದರಿ ಅರ್ಜಿ ವಿಚಾರಣೆಗೆ ದಿನಾಂಕ : 25-09-2024 ರಂದು ಬೆಳಿಗ್ಗೆ 11.00 ಗಂಟೆಗೆ ನಿಗದಿಯಾಗಿದ್ದು ಸಂಬಂಧಪಟ್ಟವರು ಯಾರಿಗಾದರೂ ತಕರಾರು ಇದ್ದಲ್ಲಿ ಖುದ್ದಾಗಿ ಅಥವಾ ವಕೀಲರ ಮುಖಾಂತರ ತಕರಾರು ಸಲ್ಲಿಸಬಹುದು. ಇಲ್ಲದೆ ಇದ್ದಲ್ಲಿ ಅರ್ಜಿಯನ್ನು ವಿಲೇವಾರಿ ಮಾಡಲಾಗುವುದು ಎಂದು ತಿಳಿಸಲಾಗಿದೆ.
ದಿನಾಂಕ : 25-08-2024 ರಂದು ನ್ಯಾಯಾಲಯದ ಮೊಹರು ಹಾಗೂ ನನ್ನ ಸಹಿಯೊಂದಿಗೆ ನೀಡಲಾಗಿದೆ.
ನ್ಯಾಯಾಲಯದ ಅಪ್ಪಣೆಯ ಮೇರೆಗೆ
ಸಹಿ/-	ಸಹಿ/-
ಶ್ರೀ ರವಿಚಂದ್ರ	ಶಿರಸ್ತೇದಾರರು
ವಕೀಲರು, ಹೊಸಪೇಟೆ	3ನೇ ಹೆಚ್ಚುವರಿ ಸಿವಿಲ್ ನ್ಯಾಯಾಧೀಶರು
ಮತ್ತು ಜೆ.ಎಂ.ಎಫ್.ಸಿ. ನ್ಯಾಯಾಲಯ, ಹೊಸಪೇಟೆ
ಕ್ರಿಮಿನಲ್ ಎಂ.ಸಿ.ನಂ. : 1126/2024
ಮಾನ್ಯ 3ನೇ ಹೆಚ್ಚುವರಿ ಸಿವಿಲ್ ನ್ಯಾಯಾಧೀಶರು ಮತ್ತು ಪ್ರಥಮ ದರ್ಜೆ ನ್ಯಾಯಿಕ ದಂಡಾಧಿಕಾರಿಗಳವರ ನ್ಯಾಯಾಲಯ, ಹೊಸಪೇಟೆ
ನಡುವೆ :
ವೆಂಕಟೇಶ ತಂದೆ ಮಲ್ಲಪ್ಪ
...ಅರ್ಜಿದಾರರು
ಮತ್ತು
ತಹಶೀಲ್ದಾರರು ಹಾಗೂ ಜನನ ಮತ್ತು ಮರಣ
ನೊಂದಣಾಧಿಕಾರಿಗಳು
ಹೊಸಪೇಟೆ, ವಿಜಯನಗರ ಜಿಲ್ಲೆ.
...ಎದುರುದಾರರು
: ನೋಟೀಸು :
ಮೇಲ್ಕಾಣಿಸಿದ ಅರ್ಜಿದಾರರು ವೆಂಕಟೇಶ ತಂದೆ ಮಲ್ಲಪ್ಪ ವಯಸ್ಸು 61 ವರ್ಷ, ವಾಸ : ಗೊಲ್ಲರಹಳ್ಳಿ ಗ್ರಾಮ, ಹೊಸಪೇಟೆ ತಾಲ್ಲೂಕು, ವಿಜಯನಗರ ಜಿಲ್ಲೆ. ಇವರು ತಮ್ಮ ಜನನ/ಮರಣ ದಾಖಲೆಯನ್ನು ದಾಖಲಿಸಲು ಕೋರಿ ಈ ನ್ಯಾಯಾಲಯದಲ್ಲಿ ಅರ್ಜಿ ಸಲ್ಲಿಸಿರುತ್ತಾರೆ. ಸದರಿ ಅರ್ಜಿ ವಿಚಾರಣೆಗೆ ದಿನಾಂಕ : 25-09-2024 ರಂದು ಬೆಳಿಗ್ಗೆ 11.00 ಗಂಟೆಗೆ ನಿಗದಿಯಾಗಿದ್ದು ಸಂಬಂಧಪಟ್ಟವರು ಯಾರಿಗಾದರೂ ತಕರಾರು ಇದ್ದಲ್ಲಿ ಖುದ್ದಾಗಿ ಅಥವಾ ವಕೀಲರ ಮುಖಾಂತರ ತಕರಾರು ಸಲ್ಲಿಸಬಹುದು. ಇಲ್ಲದೆ ಇದ್ದಲ್ಲಿ ಅರ್ಜಿಯನ್ನು ವಿಲೇವಾರಿ ಮಾಡಲಾಗುವುದು ಎಂದು ತಿಳಿಸಲಾಗಿದೆ.
ದಿನಾಂಕ : 25-08-2024 ರಂದು ನ್ಯಾಯಾಲಯದ ಮೊಹರು ಹಾಗೂ ನನ್ನ ಸಹಿಯೊಂದಿಗೆ ನೀಡಲಾಗಿದೆ.
ನ್ಯಾಯಾಲಯದ ಅಪ್ಪಣೆಯ ಮೇರೆಗೆ
ಸಹಿ/-	ಸಹಿ/-
ಶ್ರೀ ರವಿಚಂದ್ರ	ಶಿರಸ್ತೇದಾರರು
ವಕೀಲರು, ಹೊಸಪೇಟೆ	3ನೇ ಹೆಚ್ಚುವರಿ ಸಿವಿಲ್ ನ್ಯಾಯಾಧೀಶರು
ಮತ್ತು ಜೆ.ಎಂ.ಎಫ್.ಸಿ. ನ್ಯಾಯಾಲಯ, ಹೊಸಪೇಟೆ
